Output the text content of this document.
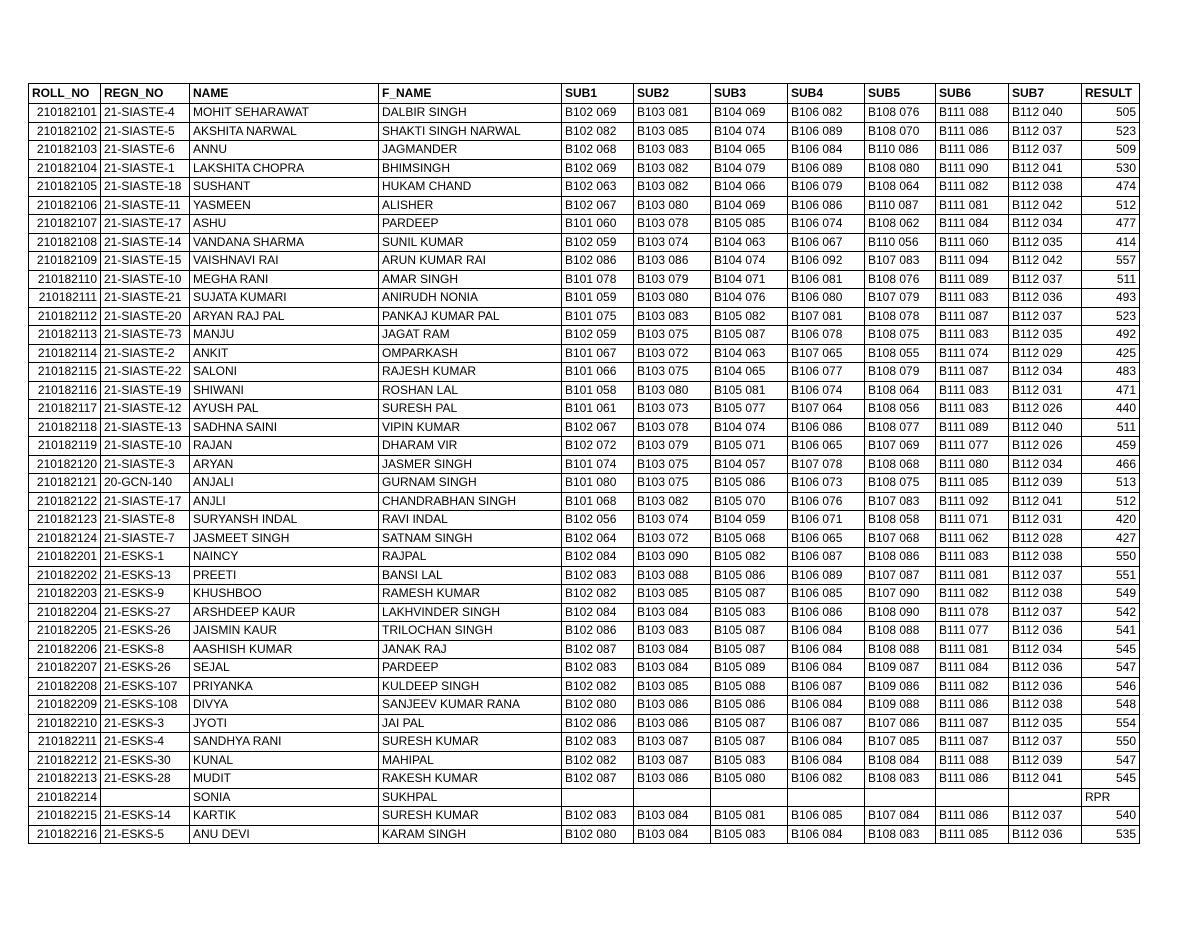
ROLL_NO	REGN_NO	NAME	F_NAME	SUB1	SUB2	SUB3	SUB4	SUB5	SUB6	SUB7	RESULT
210182101	21-SIASTE-4	MOHIT SEHARAWAT	DALBIR SINGH	B102 069	B103 081	B104 069	B106 082	B108 076	B111 088	B112 040	505
210182102	21-SIASTE-5	AKSHITA NARWAL	SHAKTI SINGH NARWAL	B102 082	B103 085	B104 074	B106 089	B108 070	B111 086	B112 037	523
210182103	21-SIASTE-6	ANNU	JAGMANDER	B102 068	B103 083	B104 065	B106 084	B110 086	B111 086	B112 037	509
210182104	21-SIASTE-1	LAKSHITA CHOPRA	BHIMSINGH	B102 069	B103 082	B104 079	B106 089	B108 080	B111 090	B112 041	530
210182105	21-SIASTE-18	SUSHANT	HUKAM CHAND	B102 063	B103 082	B104 066	B106 079	B108 064	B111 082	B112 038	474
210182106	21-SIASTE-11	YASMEEN	ALISHER	B102 067	B103 080	B104 069	B106 086	B110 087	B111 081	B112 042	512
210182107	21-SIASTE-17	ASHU	PARDEEP	B101 060	B103 078	B105 085	B106 074	B108 062	B111 084	B112 034	477
210182108	21-SIASTE-14	VANDANA SHARMA	SUNIL KUMAR	B102 059	B103 074	B104 063	B106 067	B110 056	B111 060	B112 035	414
210182109	21-SIASTE-15	VAISHNAVI RAI	ARUN KUMAR RAI	B102 086	B103 086	B104 074	B106 092	B107 083	B111 094	B112 042	557
210182110	21-SIASTE-10	MEGHA RANI	AMAR SINGH	B101 078	B103 079	B104 071	B106 081	B108 076	B111 089	B112 037	511
210182111	21-SIASTE-21	SUJATA KUMARI	ANIRUDH NONIA	B101 059	B103 080	B104 076	B106 080	B107 079	B111 083	B112 036	493
210182112	21-SIASTE-20	ARYAN RAJ PAL	PANKAJ KUMAR PAL	B101 075	B103 083	B105 082	B107 081	B108 078	B111 087	B112 037	523
210182113	21-SIASTE-73	MANJU	JAGAT RAM	B102 059	B103 075	B105 087	B106 078	B108 075	B111 083	B112 035	492
210182114	21-SIASTE-2	ANKIT	OMPARKASH	B101 067	B103 072	B104 063	B107 065	B108 055	B111 074	B112 029	425
210182115	21-SIASTE-22	SALONI	RAJESH KUMAR	B101 066	B103 075	B104 065	B106 077	B108 079	B111 087	B112 034	483
210182116	21-SIASTE-19	SHIWANI	ROSHAN LAL	B101 058	B103 080	B105 081	B106 074	B108 064	B111 083	B112 031	471
210182117	21-SIASTE-12	AYUSH PAL	SURESH PAL	B101 061	B103 073	B105 077	B107 064	B108 056	B111 083	B112 026	440
210182118	21-SIASTE-13	SADHNA SAINI	VIPIN KUMAR	B102 067	B103 078	B104 074	B106 086	B108 077	B111 089	B112 040	511
210182119	21-SIASTE-10	RAJAN	DHARAM VIR	B102 072	B103 079	B105 071	B106 065	B107 069	B111 077	B112 026	459
210182120	21-SIASTE-3	ARYAN	JASMER SINGH	B101 074	B103 075	B104 057	B107 078	B108 068	B111 080	B112 034	466
210182121	20-GCN-140	ANJALI	GURNAM SINGH	B101 080	B103 075	B105 086	B106 073	B108 075	B111 085	B112 039	513
210182122	21-SIASTE-17	ANJLI	CHANDRABHAN SINGH	B101 068	B103 082	B105 070	B106 076	B107 083	B111 092	B112 041	512
210182123	21-SIASTE-8	SURYANSH INDAL	RAVI INDAL	B102 056	B103 074	B104 059	B106 071	B108 058	B111 071	B112 031	420
210182124	21-SIASTE-7	JASMEET SINGH	SATNAM SINGH	B102 064	B103 072	B105 068	B106 065	B107 068	B111 062	B112 028	427
210182201	21-ESKS-1	NAINCY	RAJPAL	B102 084	B103 090	B105 082	B106 087	B108 086	B111 083	B112 038	550
210182202	21-ESKS-13	PREETI	BANSI LAL	B102 083	B103 088	B105 086	B106 089	B107 087	B111 081	B112 037	551
210182203	21-ESKS-9	KHUSHBOO	RAMESH KUMAR	B102 082	B103 085	B105 087	B106 085	B107 090	B111 082	B112 038	549
210182204	21-ESKS-27	ARSHDEEP KAUR	LAKHVINDER SINGH	B102 084	B103 084	B105 083	B106 086	B108 090	B111 078	B112 037	542
210182205	21-ESKS-26	JAISMIN KAUR	TRILOCHAN SINGH	B102 086	B103 083	B105 087	B106 084	B108 088	B111 077	B112 036	541
210182206	21-ESKS-8	AASHISH KUMAR	JANAK RAJ	B102 087	B103 084	B105 087	B106 084	B108 088	B111 081	B112 034	545
210182207	21-ESKS-26	SEJAL	PARDEEP	B102 083	B103 084	B105 089	B106 084	B109 087	B111 084	B112 036	547
210182208	21-ESKS-107	PRIYANKA	KULDEEP SINGH	B102 082	B103 085	B105 088	B106 087	B109 086	B111 082	B112 036	546
210182209	21-ESKS-108	DIVYA	SANJEEV KUMAR RANA	B102 080	B103 086	B105 086	B106 084	B109 088	B111 086	B112 038	548
210182210	21-ESKS-3	JYOTI	JAI PAL	B102 086	B103 086	B105 087	B106 087	B107 086	B111 087	B112 035	554
210182211	21-ESKS-4	SANDHYA RANI	SURESH KUMAR	B102 083	B103 087	B105 087	B106 084	B107 085	B111 087	B112 037	550
210182212	21-ESKS-30	KUNAL	MAHIPAL	B102 082	B103 087	B105 083	B106 084	B108 084	B111 088	B112 039	547
210182213	21-ESKS-28	MUDIT	RAKESH KUMAR	B102 087	B103 086	B105 080	B106 082	B108 083	B111 086	B112 041	545
210182214		SONIA	SUKHPAL								RPR
210182215	21-ESKS-14	KARTIK	SURESH KUMAR	B102 083	B103 084	B105 081	B106 085	B107 084	B111 086	B112 037	540
210182216	21-ESKS-5	ANU DEVI	KARAM SINGH	B102 080	B103 084	B105 083	B106 084	B108 083	B111 085	B112 036	535
